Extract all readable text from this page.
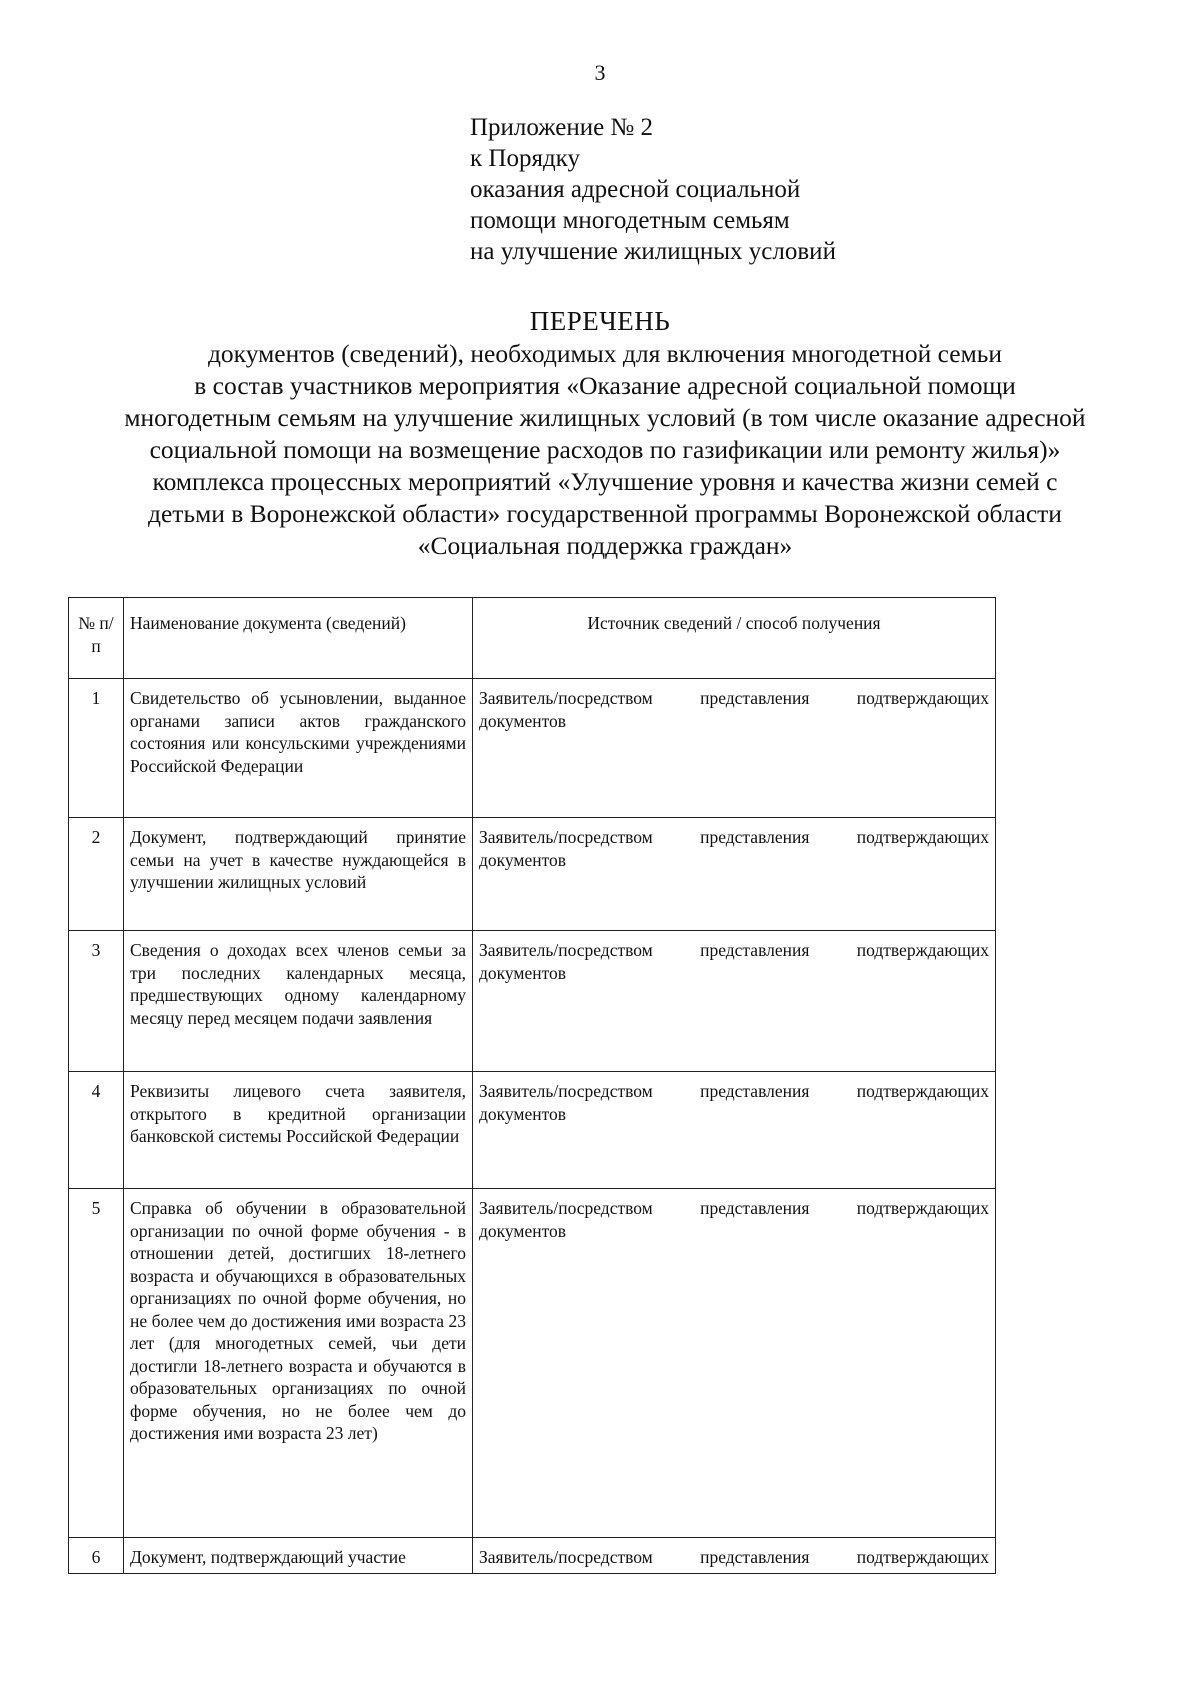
3
Приложение № 2
к Порядку
оказания адресной социальной
помощи многодетным семьям
на улучшение жилищных условий
ПЕРЕЧЕНЬ
документов (сведений), необходимых для включения многодетной семьи
в состав участников мероприятия «Оказание адресной социальной помощи
многодетным семьям на улучшение жилищных условий (в том числе оказание адресной
социальной помощи на возмещение расходов по газификации или ремонту жилья)»
комплекса процессных мероприятий «Улучшение уровня и качества жизни семей с
детьми в Воронежской области» государственной программы Воронежской области
«Социальная поддержка граждан»
№ п/п	Наименование документа (сведений)	Источник сведений / способ получения
1	Свидетельство об усыновлении, выданное органами записи актов гражданского состояния или консульскими учреждениями Российской Федерации	Заявитель/посредством представления подтверждающих
документов
2	Документ, подтверждающий принятие семьи на учет в качестве нуждающейся в улучшении жилищных условий	Заявитель/посредством представления подтверждающих
документов
3	Сведения о доходах всех членов семьи за три последних календарных месяца, предшествующих одному календарному месяцу перед месяцем подачи заявления	Заявитель/посредством представления подтверждающих
документов
4	Реквизиты лицевого счета заявителя, открытого в кредитной организации банковской системы Российской Федерации	Заявитель/посредством представления подтверждающих
документов
5	Справка об обучении в образовательной организации по очной форме обучения - в отношении детей, достигших 18-летнего возраста и обучающихся в образовательных организациях по очной форме обучения, но не более чем до достижения ими возраста 23 лет (для многодетных семей, чьи дети достигли 18-летнего возраста и обучаются в образовательных организациях по очной форме обучения, но не более чем до достижения ими возраста 23 лет)	Заявитель/посредством представления подтверждающих
документов
6	Документ, подтверждающий участие	Заявитель/посредством представления подтверждающих
